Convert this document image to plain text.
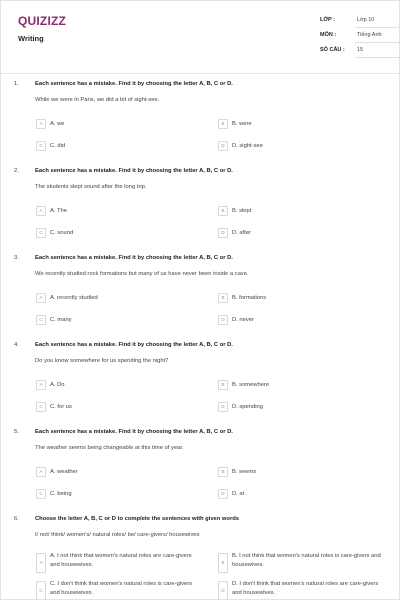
QUIZIZZ
Writing
LỚP :	Lớp 10
MÔN :	Tiếng Anh
SỐ CÂU : 15
1.	Each sentence has a mistake. Find it by choosing the letter A, B, C or D.
While we were in Paris, we did a bit of sight-see.
A	A. we	B	B. were
C	C. did	D	D. sight-see
2.	Each sentence has a mistake. Find it by choosing the letter A, B, C or D.
The students slept sound after the long trip.
A	A. The	B	B. slept
C	C. sound	D	D. after
3.	Each sentence has a mistake. Find it by choosing the letter A, B, C or D.
We recently studied rock formations but many of us have never been inside a cave.
A	A. recently studied	B	B. formations
C	C. many	D	D. never
4.	Each sentence has a mistake. Find it by choosing the letter A, B, C or D.
Do you know somewhere for us spending the night?
A	A. Do	B	B. somewhere
C	C. for us	D	D. spending
5.	Each sentence has a mistake. Find it by choosing the letter A, B, C or D.
The weather seems being changeable at this time of year.
A	A. weather	B	B. seems
C	C. being	D	D. at
6.	Choose the letter A, B, C or D to complete the sentences with given words
I/ not/ think/ women's/ natural roles/ be/ care-givers/ housewives
A
A. I not think that women's natural roles are care-givers and housewives.	B
B. I not think that women's natural roles is care-givers and housewives.
C
C. I don't think that women's natural roles is care-givers and housewives.	D
D. I don't think that women's natural roles are care-givers and housewives.
